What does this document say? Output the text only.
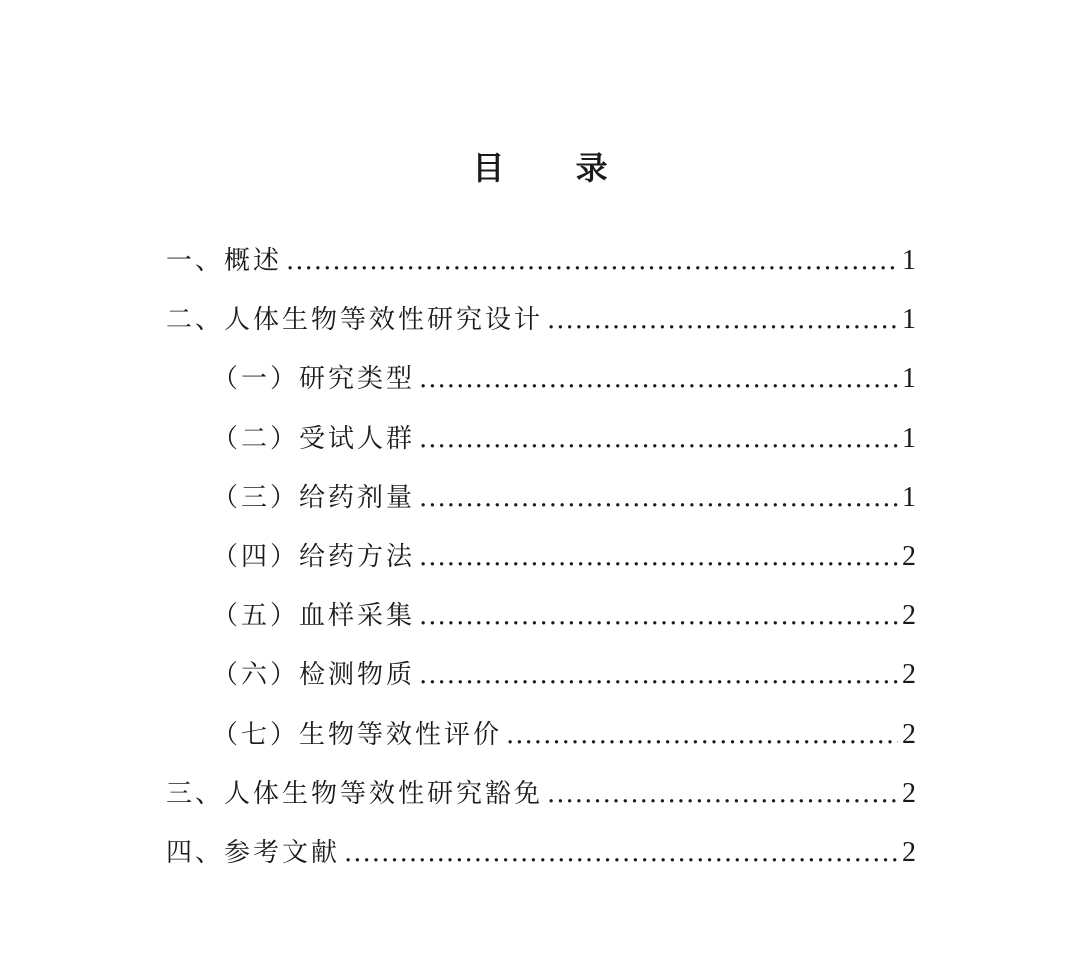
目 录
一、概述 .....	1
二、人体生物等效性研究设计 .....	1
（一）研究类型 .....	1
（二）受试人群 .....	1
（三）给药剂量 .....	1
（四）给药方法 .....	2
（五）血样采集 .....	2
（六）检测物质 .....	2
（七）生物等效性评价 .....	2
三、人体生物等效性研究豁免 .....	2
四、参考文献 .....	2
